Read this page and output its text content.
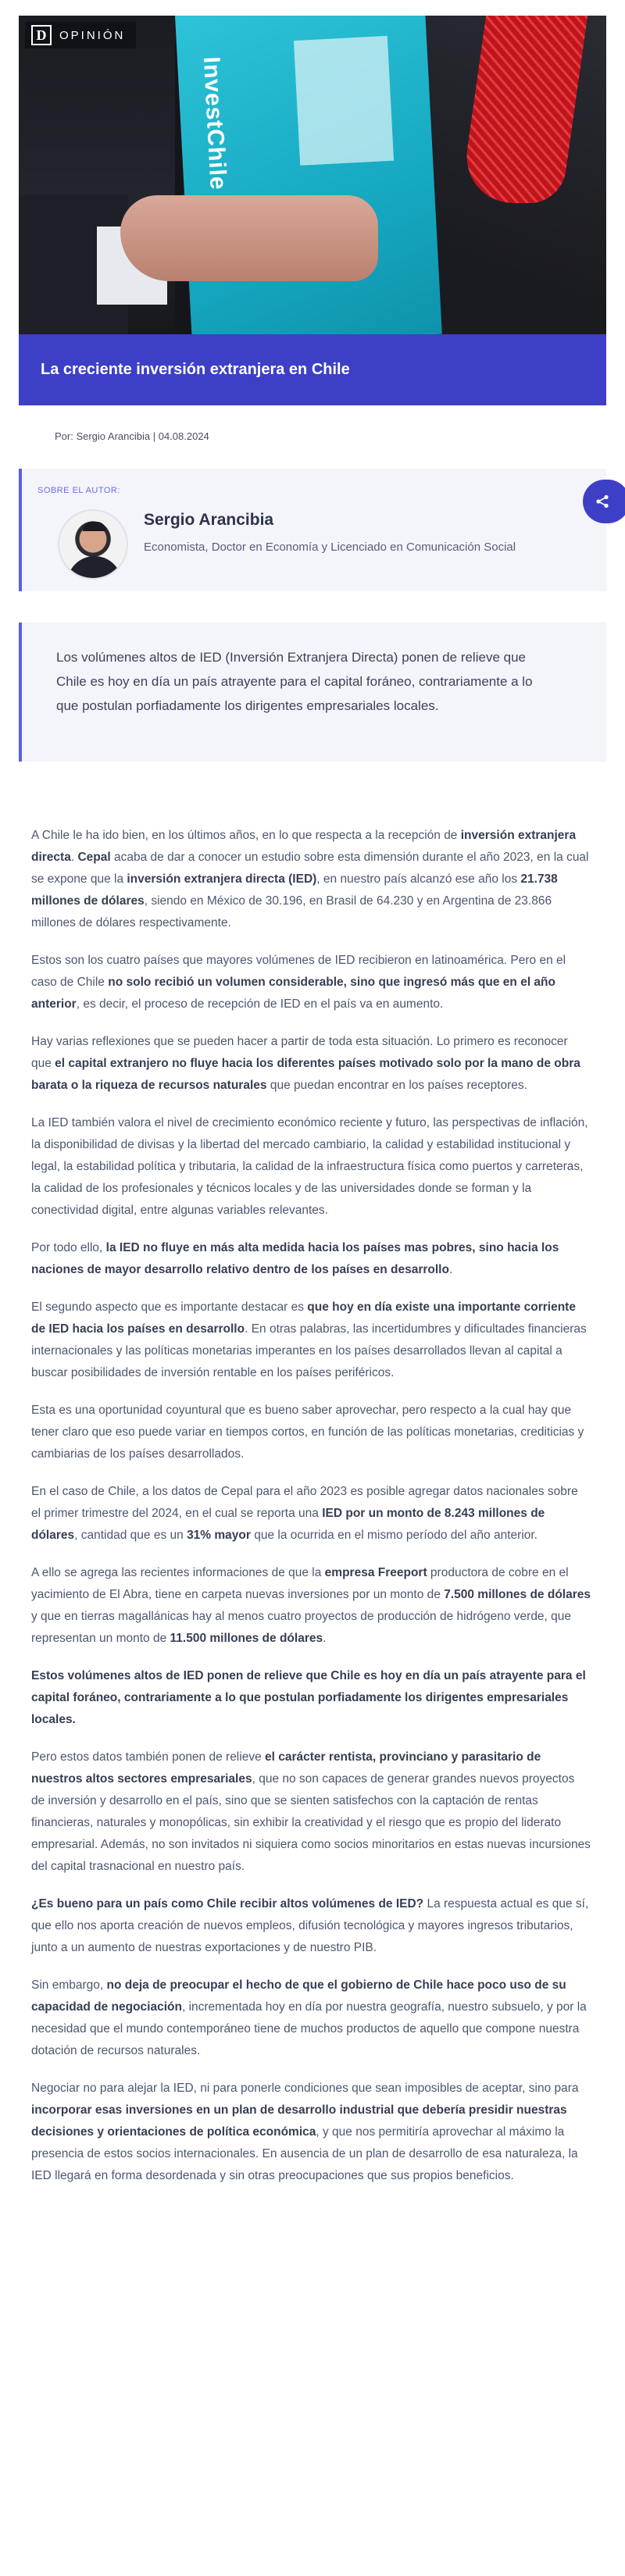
InvestChile
D	OPINIÓN
La creciente inversión extranjera en Chile
Por: Sergio Arancibia | 04.08.2024
SOBRE EL AUTOR:
Sergio Arancibia
Economista, Doctor en Economía y Licenciado en Comunicación Social
Los volúmenes altos de IED (Inversión Extranjera Directa) ponen de relieve que Chile es hoy en día un país atrayente para el capital foráneo, contrariamente a lo que postulan porfiadamente los dirigentes empresariales locales.

A Chile le ha ido bien, en los últimos años, en lo que respecta a la recepción de inversión extranjera directa. Cepal acaba de dar a conocer un estudio sobre esta dimensión durante el año 2023, en la cual se expone que la inversión extranjera directa (IED), en nuestro país alcanzó ese año los 21.738 millones de dólares, siendo en México de 30.196, en Brasil de 64.230 y en Argentina de 23.866 millones de dólares respectivamente.

Estos son los cuatro países que mayores volúmenes de IED recibieron en latinoamérica. Pero en el caso de Chile no solo recibió un volumen considerable, sino que ingresó más que en el año anterior, es decir, el proceso de recepción de IED en el país va en aumento.

Hay varias reflexiones que se pueden hacer a partir de toda esta situación. Lo primero es reconocer que el capital extranjero no fluye hacia los diferentes países motivado solo por la mano de obra barata o la riqueza de recursos naturales que puedan encontrar en los países receptores.

La IED también valora el nivel de crecimiento económico reciente y futuro, las perspectivas de inflación, la disponibilidad de divisas y la libertad del mercado cambiario, la calidad y estabilidad institucional y legal, la estabilidad política y tributaria, la calidad de la infraestructura física como puertos y carreteras, la calidad de los profesionales y técnicos locales y de las universidades donde se forman y la conectividad digital, entre algunas variables relevantes.

Por todo ello, la IED no fluye en más alta medida hacia los países mas pobres, sino hacia los naciones de mayor desarrollo relativo dentro de los países en desarrollo.

El segundo aspecto que es importante destacar es que hoy en día existe una importante corriente de IED hacia los países en desarrollo. En otras palabras, las incertidumbres y dificultades financieras internacionales y las políticas monetarias imperantes en los países desarrollados llevan al capital a buscar posibilidades de inversión rentable en los países periféricos.

Esta es una oportunidad coyuntural que es bueno saber aprovechar, pero respecto a la cual hay que tener claro que eso puede variar en tiempos cortos, en función de las políticas monetarias, crediticias y cambiarias de los países desarrollados.

En el caso de Chile, a los datos de Cepal para el año 2023 es posible agregar datos nacionales sobre el primer trimestre del 2024, en el cual se reporta una IED por un monto de 8.243 millones de dólares, cantidad que es un 31% mayor que la ocurrida en el mismo período del año anterior.

A ello se agrega las recientes informaciones de que la empresa Freeport productora de cobre en el yacimiento de El Abra, tiene en carpeta nuevas inversiones por un monto de 7.500 millones de dólares y que en tierras magallánicas hay al menos cuatro proyectos de producción de hidrógeno verde, que representan un monto de 11.500 millones de dólares.

Estos volúmenes altos de IED ponen de relieve que Chile es hoy en día un país atrayente para el capital foráneo, contrariamente a lo que postulan porfiadamente los dirigentes empresariales locales.

Pero estos datos también ponen de relieve el carácter rentista, provinciano y parasitario de nuestros altos sectores empresariales, que no son capaces de generar grandes nuevos proyectos de inversión y desarrollo en el país, sino que se sienten satisfechos con la captación de rentas financieras, naturales y monopólicas, sin exhibir la creatividad y el riesgo que es propio del liderato empresarial. Además, no son invitados ni siquiera como socios minoritarios en estas nuevas incursiones del capital trasnacional en nuestro país.

¿Es bueno para un país como Chile recibir altos volúmenes de IED? La respuesta actual es que sí, que ello nos aporta creación de nuevos empleos, difusión tecnológica y mayores ingresos tributarios, junto a un aumento de nuestras exportaciones y de nuestro PIB.

Sin embargo, no deja de preocupar el hecho de que el gobierno de Chile hace poco uso de su capacidad de negociación, incrementada hoy en día por nuestra geografía, nuestro subsuelo, y por la necesidad que el mundo contemporáneo tiene de muchos productos de aquello que compone nuestra dotación de recursos naturales.

Negociar no para alejar la IED, ni para ponerle condiciones que sean imposibles de aceptar, sino para incorporar esas inversiones en un plan de desarrollo industrial que debería presidir nuestras decisiones y orientaciones de política económica, y que nos permitiría aprovechar al máximo la presencia de estos socios internacionales. En ausencia de un plan de desarrollo de esa naturaleza, la IED llegará en forma desordenada y sin otras preocupaciones que sus propios beneficios.
